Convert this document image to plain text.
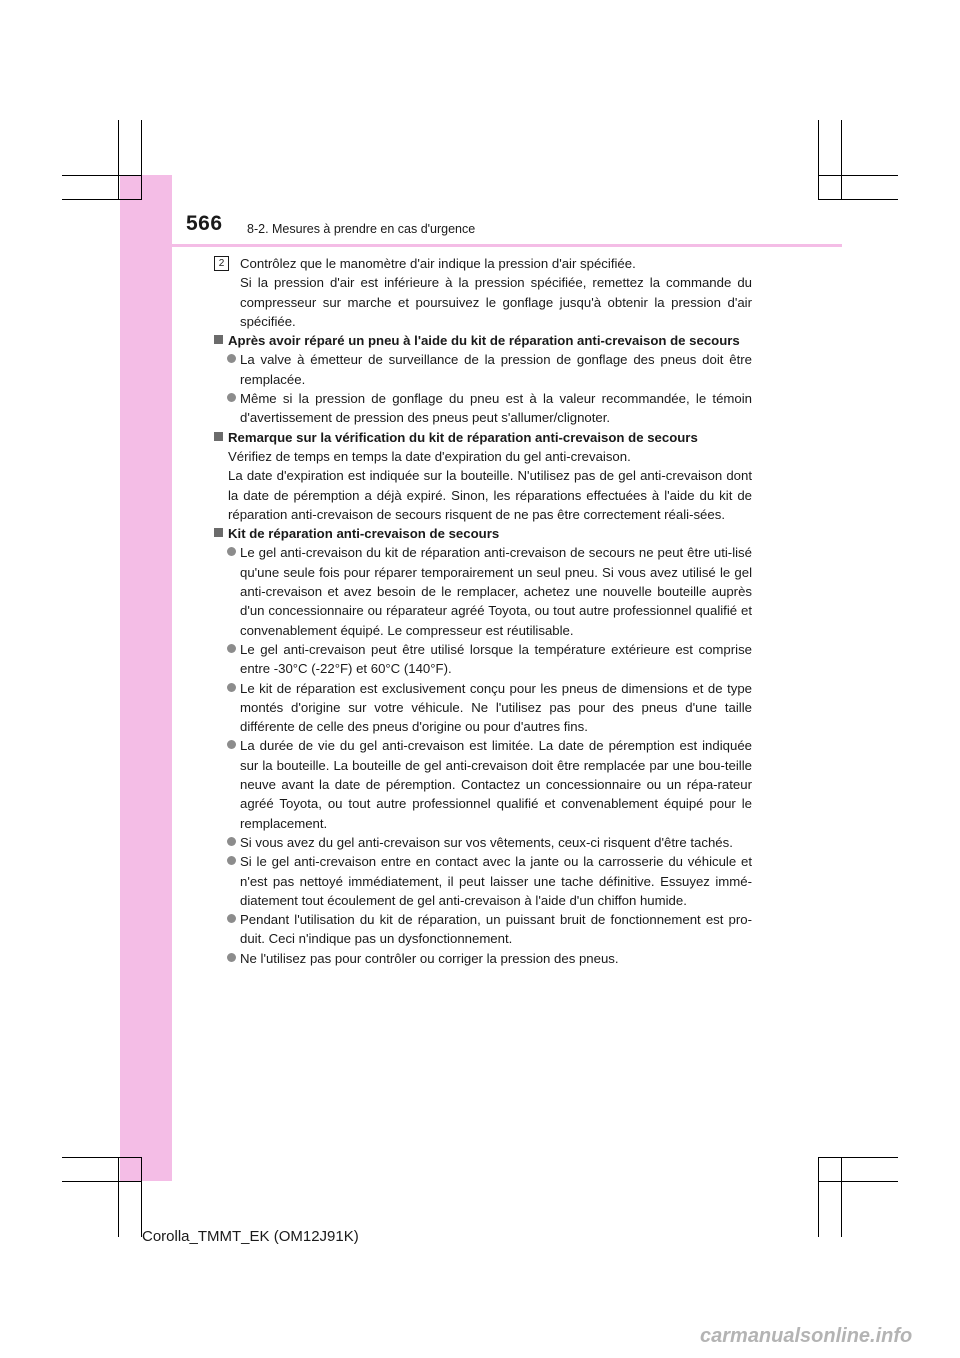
566 8-2. Mesures à prendre en cas d'urgence

2	Contrôlez que le manomètre d'air indique la pression d'air spécifiée.

Si la pression d'air est inférieure à la pression spécifiée, remettez la commande du compresseur sur marche et poursuivez le gonflage jusqu'à obtenir la pression d'air spécifiée.

Après avoir réparé un pneu à l'aide du kit de réparation anti-crevaison de secours

La valve à émetteur de surveillance de la pression de gonflage des pneus doit être remplacée.

Même si la pression de gonflage du pneu est à la valeur recommandée, le témoin d'avertissement de pression des pneus peut s'allumer/clignoter.

Remarque sur la vérification du kit de réparation anti-crevaison de secours

Vérifiez de temps en temps la date d'expiration du gel anti-crevaison.

La date d'expiration est indiquée sur la bouteille. N'utilisez pas de gel anti-crevaison dont la date de péremption a déjà expiré. Sinon, les réparations effectuées à l'aide du kit de réparation anti-crevaison de secours risquent de ne pas être correctement réali-sées.

Kit de réparation anti-crevaison de secours

Le gel anti-crevaison du kit de réparation anti-crevaison de secours ne peut être uti-lisé qu'une seule fois pour réparer temporairement un seul pneu. Si vous avez utilisé le gel anti-crevaison et avez besoin de le remplacer, achetez une nouvelle bouteille auprès d'un concessionnaire ou réparateur agréé Toyota, ou tout autre professionnel qualifié et convenablement équipé. Le compresseur est réutilisable.

Le gel anti-crevaison peut être utilisé lorsque la température extérieure est comprise entre -30°C (-22°F) et 60°C (140°F).

Le kit de réparation est exclusivement conçu pour les pneus de dimensions et de type montés d'origine sur votre véhicule. Ne l'utilisez pas pour des pneus d'une taille différente de celle des pneus d'origine ou pour d'autres fins.

La durée de vie du gel anti-crevaison est limitée. La date de péremption est indiquée sur la bouteille. La bouteille de gel anti-crevaison doit être remplacée par une bou-teille neuve avant la date de péremption. Contactez un concessionnaire ou un répa-rateur agréé Toyota, ou tout autre professionnel qualifié et convenablement équipé pour le remplacement.

Si vous avez du gel anti-crevaison sur vos vêtements, ceux-ci risquent d'être tachés.

Si le gel anti-crevaison entre en contact avec la jante ou la carrosserie du véhicule et n'est pas nettoyé immédiatement, il peut laisser une tache définitive. Essuyez immé-diatement tout écoulement de gel anti-crevaison à l'aide d'un chiffon humide.

Pendant l'utilisation du kit de réparation, un puissant bruit de fonctionnement est pro-duit. Ceci n'indique pas un dysfonctionnement.

Ne l'utilisez pas pour contrôler ou corriger la pression des pneus.

Corolla_TMMT_EK (OM12J91K)
carmanualsonline.info
